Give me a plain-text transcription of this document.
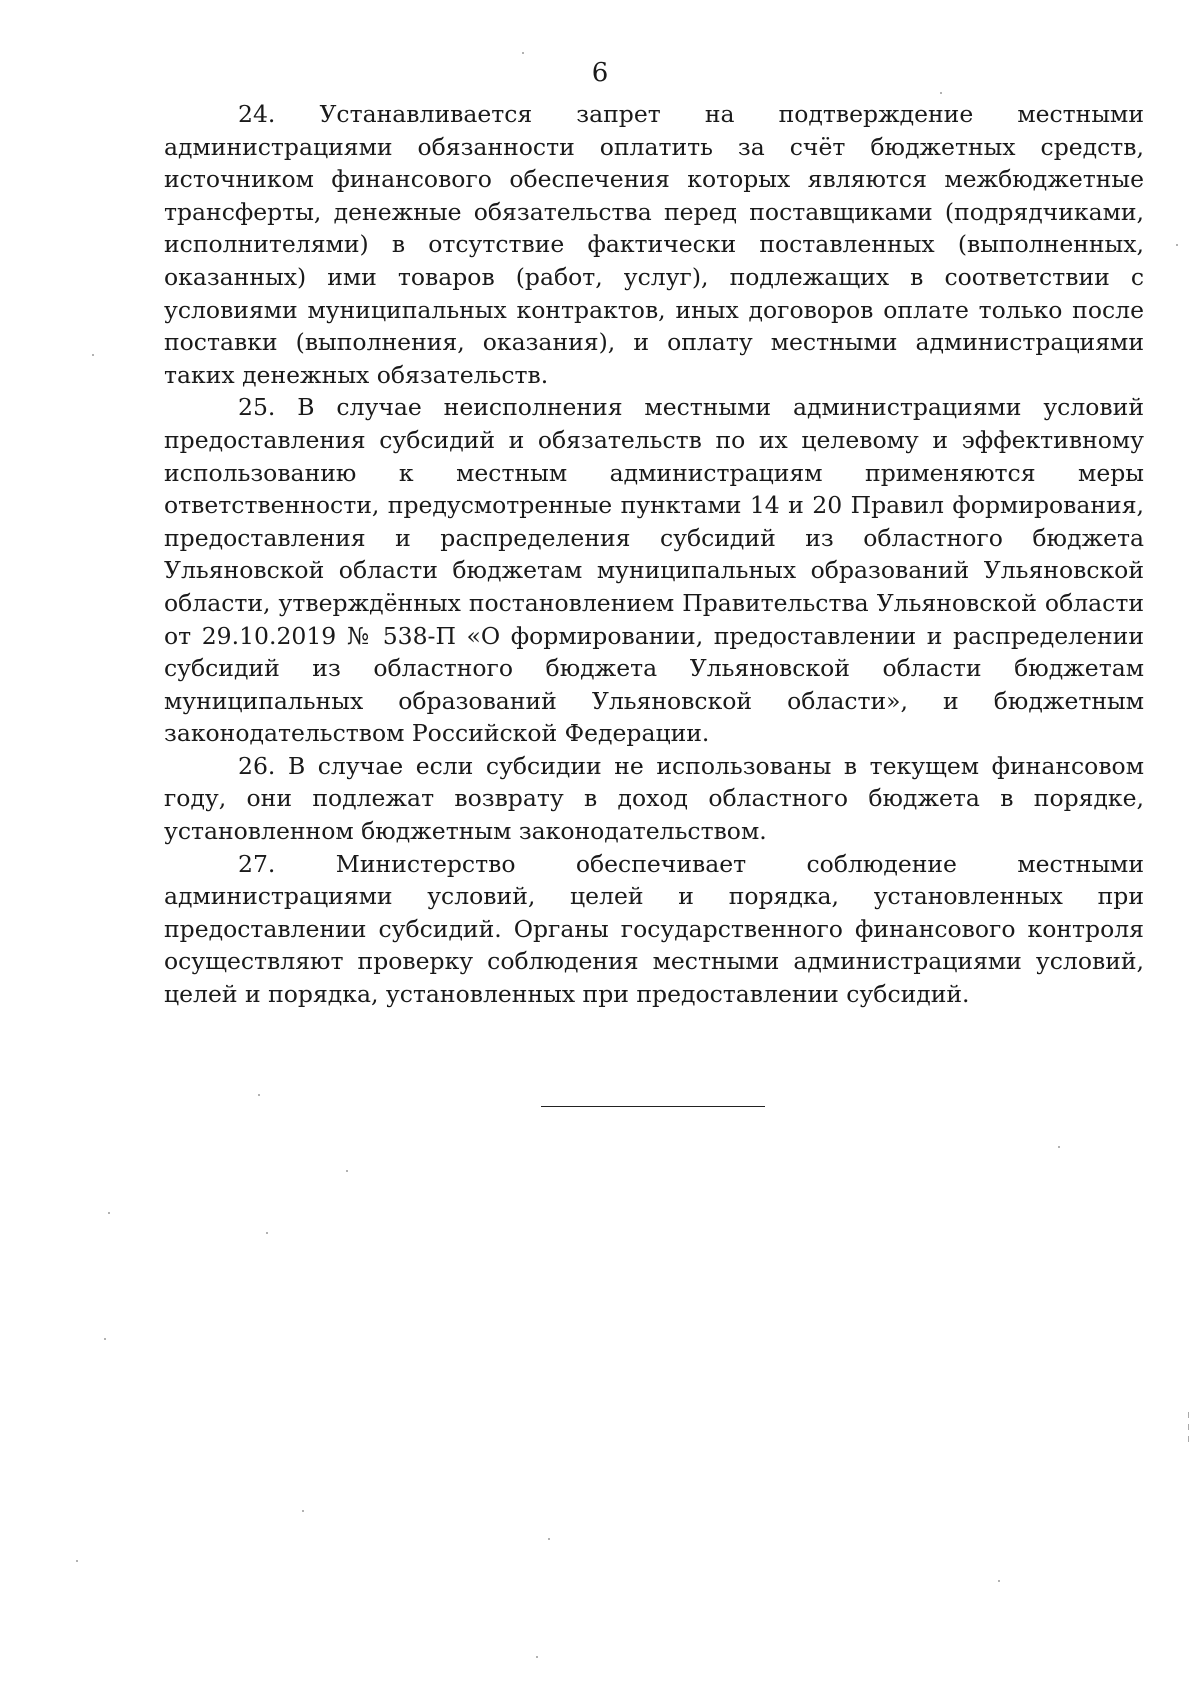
6

24. Устанавливается запрет на подтверждение местными администрациями обязанности оплатить за счёт бюджетных средств, источником финансового обеспечения которых являются межбюджетные трансферты, денежные обязательства перед поставщиками (подрядчиками, исполнителями) в отсутствие фактически поставленных (выполненных, оказанных) ими товаров (работ, услуг), подлежащих в соответствии с условиями муниципальных контрактов, иных договоров оплате только после поставки (выполнения, оказания), и оплату местными администрациями таких денежных обязательств.

25. В случае неисполнения местными администрациями условий предоставления субсидий и обязательств по их целевому и эффективному использованию к местным администрациям применяются меры ответственности, предусмотренные пунктами 14 и 20 Правил формирования, предоставления и распределения субсидий из областного бюджета Ульяновской области бюджетам муниципальных образований Ульяновской области, утверждённых постановлением Правительства Ульяновской области от 29.10.2019 № 538-П «О формировании, предоставлении и распределении субсидий из областного бюджета Ульяновской области бюджетам муниципальных образований Ульяновской области», и бюджетным законодательством Российской Федерации.

26. В случае если субсидии не использованы в текущем финансовом году, они подлежат возврату в доход областного бюджета в порядке, установленном бюджетным законодательством.

27.	Министерство обеспечивает соблюдение местными администрациями условий, целей и порядка, установленных при предоставлении субсидий. Органы государственного финансового контроля осуществляют проверку соблюдения местными администрациями условий, целей и порядка, установленных при предоставлении субсидий.
